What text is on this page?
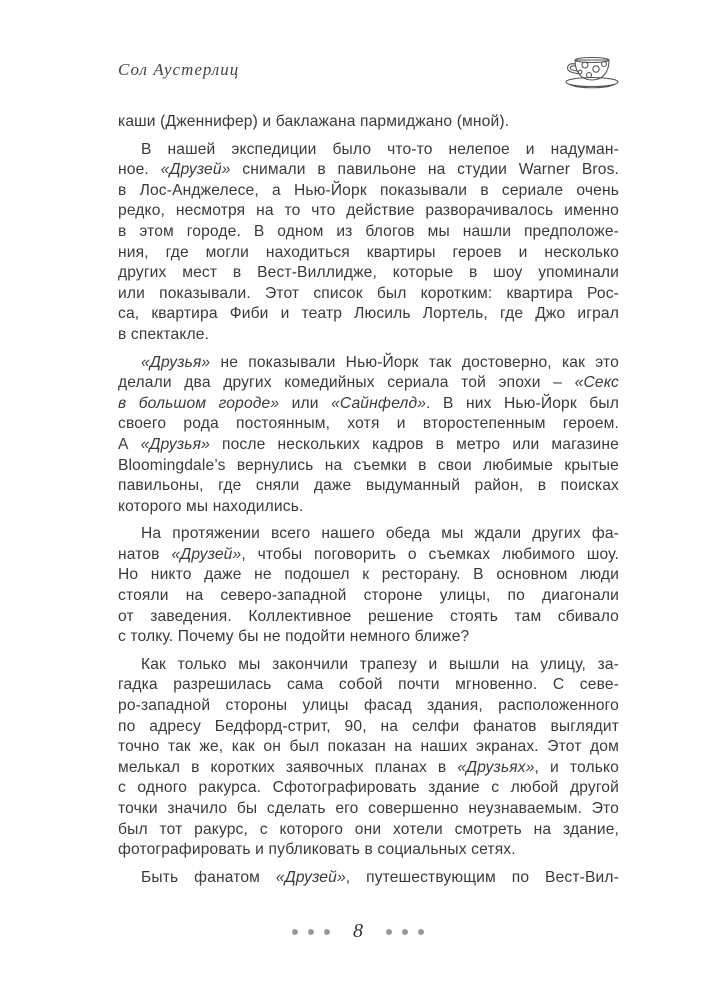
Сол Аустерлиц
каши (Дженнифер) и баклажана пармиджано (мной).
В нашей экспедиции было что-то нелепое и надуман-
ное. «Друзей» снимали в павильоне на студии Warner Bros.
в Лос-Анджелесе, а Нью-Йорк показывали в сериале очень
редко, несмотря на то что действие разворачивалось именно
в этом городе. В одном из блогов мы нашли предположе-
ния, где могли находиться квартиры героев и несколько
других мест в Вест-Виллидже, которые в шоу упоминали
или показывали. Этот список был коротким: квартира Рос-
са, квартира Фиби и театр Люсиль Лортель, где Джо играл
в спектакле.
«Друзья» не показывали Нью-Йорк так достоверно, как это
делали два других комедийных сериала той эпохи – «Секс
в большом городе» или «Сайнфелд». В них Нью-Йорк был
своего рода постоянным, хотя и второстепенным героем.
А «Друзья» после нескольких кадров в метро или магазине
Bloomingdale’s вернулись на съемки в свои любимые крытые
павильоны, где сняли даже выдуманный район, в поисках
которого мы находились.
На протяжении всего нашего обеда мы ждали других фа-
натов «Друзей», чтобы поговорить о съемках любимого шоу.
Но никто даже не подошел к ресторану. В основном люди
стояли на северо-западной стороне улицы, по диагонали
от заведения. Коллективное решение стоять там сбивало
с толку. Почему бы не подойти немного ближе?
Как только мы закончили трапезу и вышли на улицу, за-
гадка разрешилась сама собой почти мгновенно. С севе-
ро-западной стороны улицы фасад здания, расположенного
по адресу Бедфорд-стрит, 90, на селфи фанатов выглядит
точно так же, как он был показан на наших экранах. Этот дом
мелькал в коротких заявочных планах в «Друзьях», и только
с одного ракурса. Сфотографировать здание с любой другой
точки значило бы сделать его совершенно неузнаваемым. Это
был тот ракурс, с которого они хотели смотреть на здание,
фотографировать и публиковать в социальных сетях.
Быть фанатом «Друзей», путешествующим по Вест-Вил-
8
